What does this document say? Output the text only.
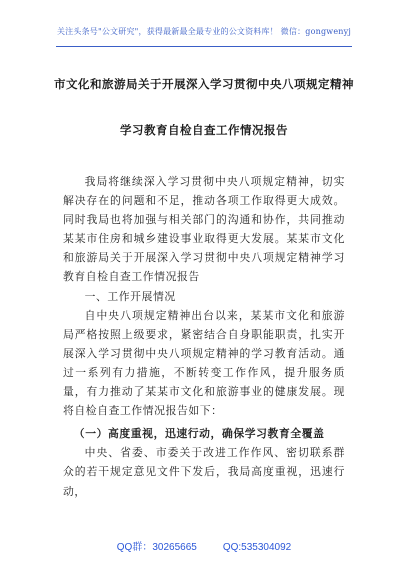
关注头条号"公文研究"，获得最新最全最专业的公文资料库！ 微信：gongwenyj
市文化和旅游局关于开展深入学习贯彻中央八项规定精神
学习教育自检自查工作情况报告

我局将继续深入学习贯彻中央八项规定精神，切实解决存在的问题和不足，推动各项工作取得更大成效。同时我局也将加强与相关部门的沟通和协作，共同推动某某市住房和城乡建设事业取得更大发展。某某市文化和旅游局关于开展深入学习贯彻中央八项规定精神学习教育自检自查工作情况报告

一、工作开展情况

自中央八项规定精神出台以来，某某市文化和旅游局严格按照上级要求，紧密结合自身职能职责，扎实开展深入学习贯彻中央八项规定精神的学习教育活动。通过一系列有力措施，不断转变工作作风，提升服务质量，有力推动了某某市文化和旅游事业的健康发展。现将自检自查工作情况报告如下：

（一）高度重视，迅速行动，确保学习教育全覆盖

中央、省委、市委关于改进工作作风、密切联系群众的若干规定意见文件下发后，我局高度重视，迅速行动，

QQ群：30265665	QQ:535304092
